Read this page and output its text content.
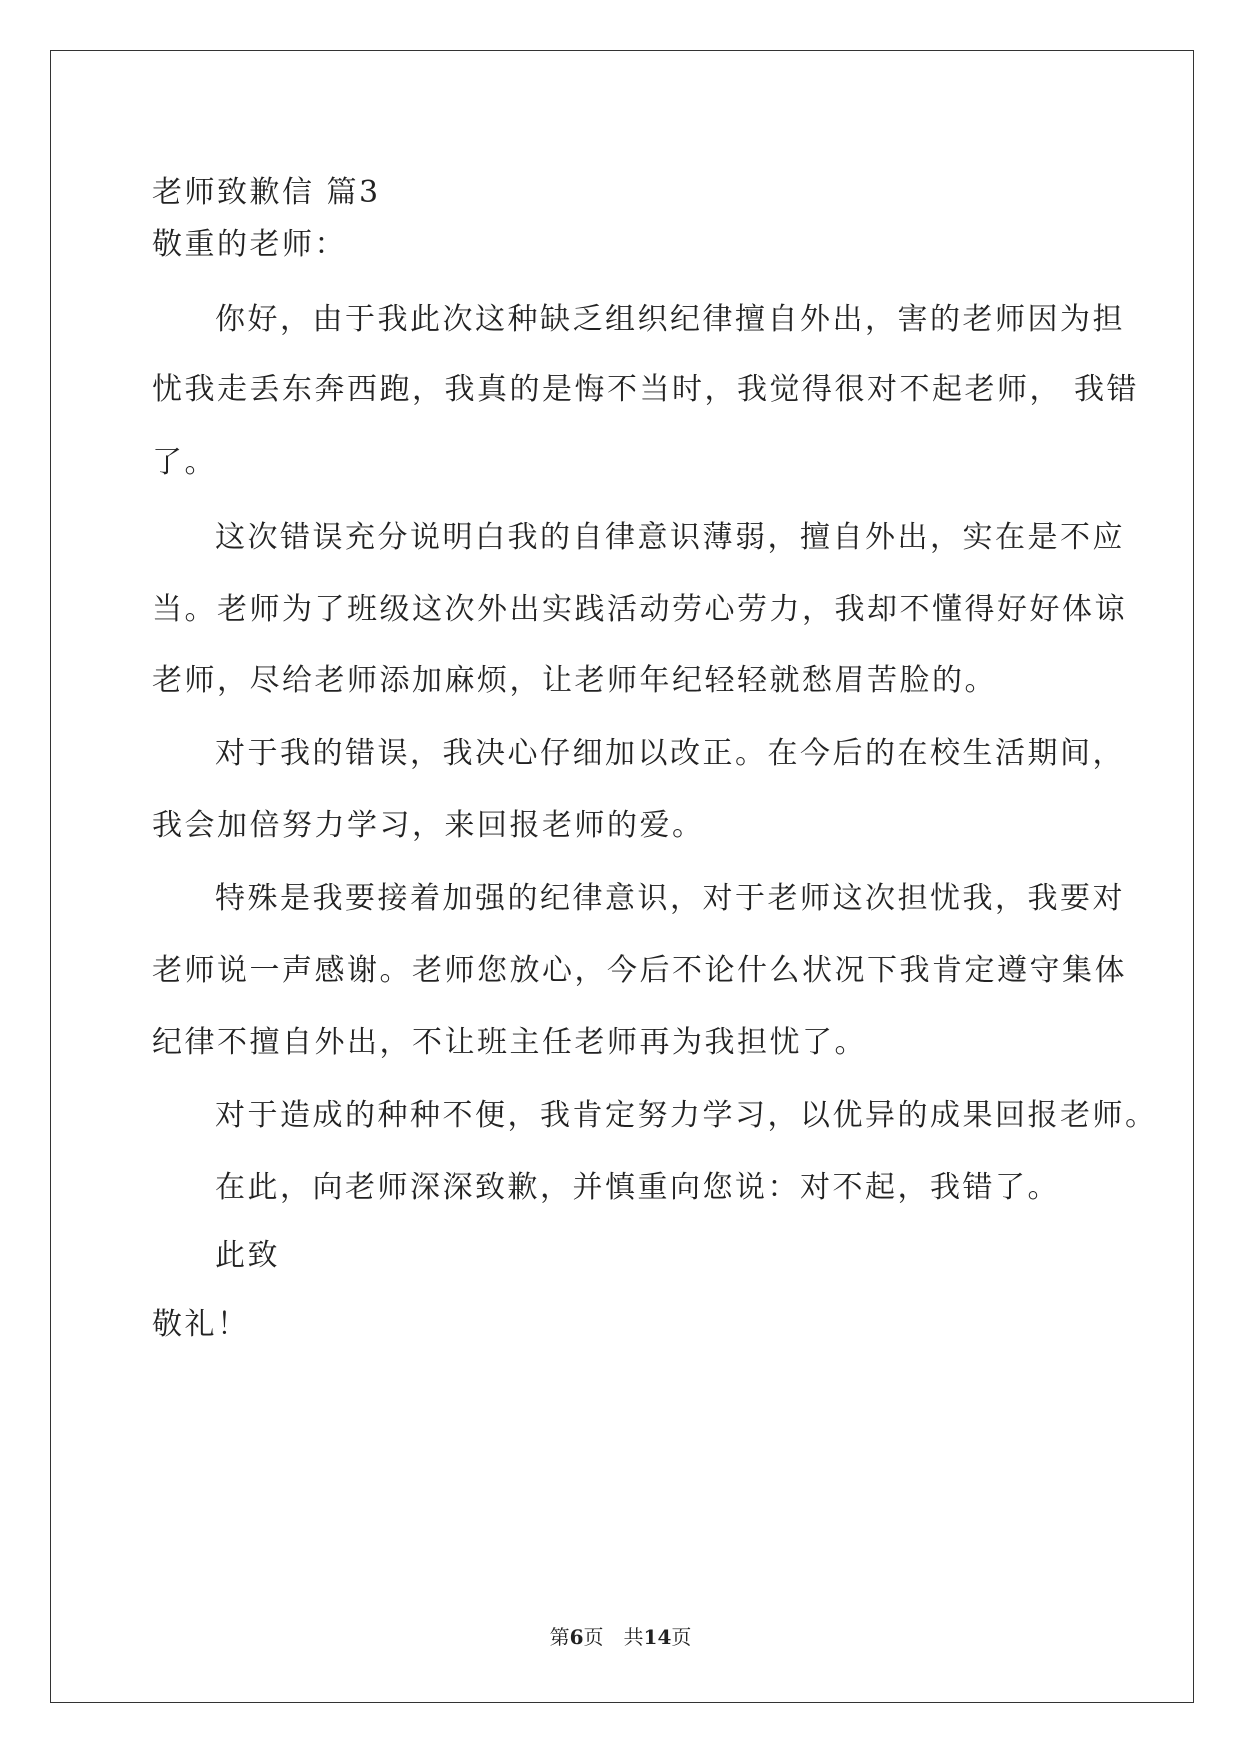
老师致歉信 篇3
敬重的老师：
你好，由于我此次这种缺乏组织纪律擅自外出，害的老师因为担
忧我走丢东奔西跑，我真的是悔不当时，我觉得很对不起老师， 我错
了。
这次错误充分说明白我的自律意识薄弱，擅自外出，实在是不应
当。老师为了班级这次外出实践活动劳心劳力，我却不懂得好好体谅
老师，尽给老师添加麻烦，让老师年纪轻轻就愁眉苦脸的。
对于我的错误，我决心仔细加以改正。在今后的在校生活期间，
我会加倍努力学习，来回报老师的爱。
特殊是我要接着加强的纪律意识，对于老师这次担忧我，我要对
老师说一声感谢。老师您放心，今后不论什么状况下我肯定遵守集体
纪律不擅自外出，不让班主任老师再为我担忧了。
对于造成的种种不便，我肯定努力学习，以优异的成果回报老师。
在此，向老师深深致歉，并慎重向您说：对不起，我错了。
此致
敬礼！
第6页　共14页
